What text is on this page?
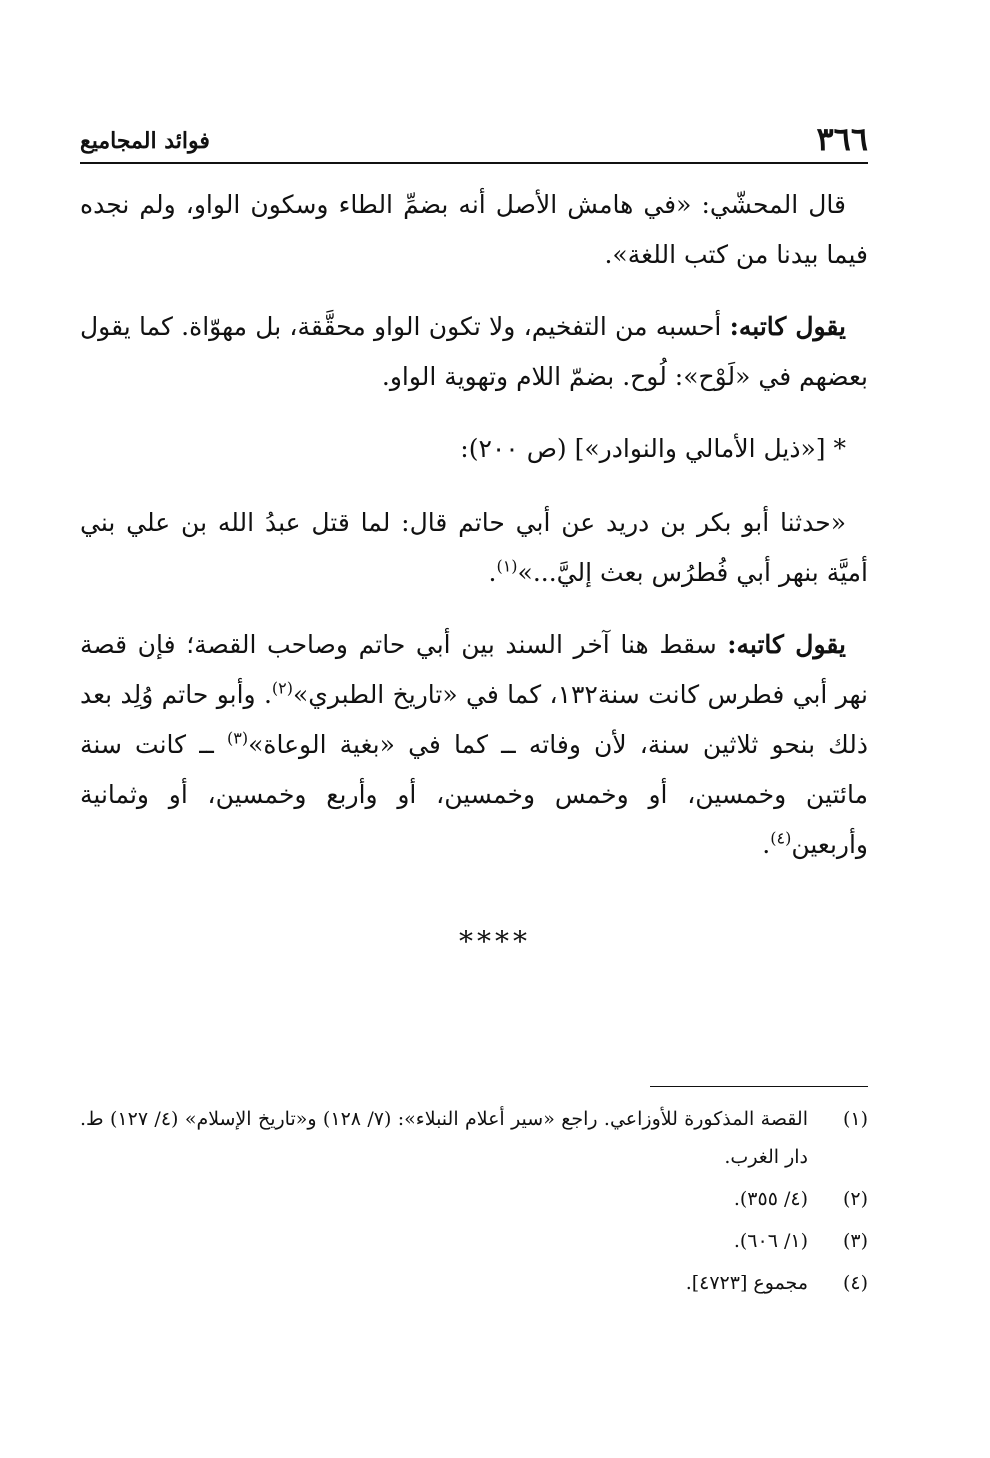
٣٦٦
فوائد المجاميع

قال المحشّي: «في هامش الأصل أنه بضمِّ الطاء وسكون الواو، ولم نجده فيما بيدنا من كتب اللغة».

يقول كاتبه: أحسبه من التفخيم، ولا تكون الواو محقَّقة، بل مهوّاة. كما يقول بعضهم في «لَوْح»: لُوح. بضمّ اللام وتهوية الواو.

* [«ذيل الأمالي والنوادر»] (ص ٢٠٠):

«حدثنا أبو بكر بن دريد عن أبي حاتم قال: لما قتل عبدُ الله بن علي بني أميَّة بنهر أبي فُطرُس بعث إليَّ...»$^{(١)}$.

يقول كاتبه: سقط هنا آخر السند بين أبي حاتم وصاحب القصة؛ فإن قصة نهر أبي فطرس كانت سنة١٣٢، كما في «تاريخ الطبري»$^{(٢)}$. وأبو حاتم وُلِد بعد ذلك بنحو ثلاثين سنة، لأن وفاته ــ كما في «بغية الوعاة»$^{(٣)}$ ــ كانت سنة مائتين وخمسين، أو وخمس وخمسين، أو وأربع وخمسين، أو وثمانية وأربعين$^{(٤)}$.

****
(١)
القصة المذكورة للأوزاعي. راجع «سير أعلام النبلاء»: (٧/ ١٢٨) و«تاريخ الإسلام» (٤/ ١٢٧) ط. دار الغرب.
(٢)
(٤/ ٣٥٥).
(٣)
(١/ ٦٠٦).
(٤)
مجموع [٤٧٢٣].
